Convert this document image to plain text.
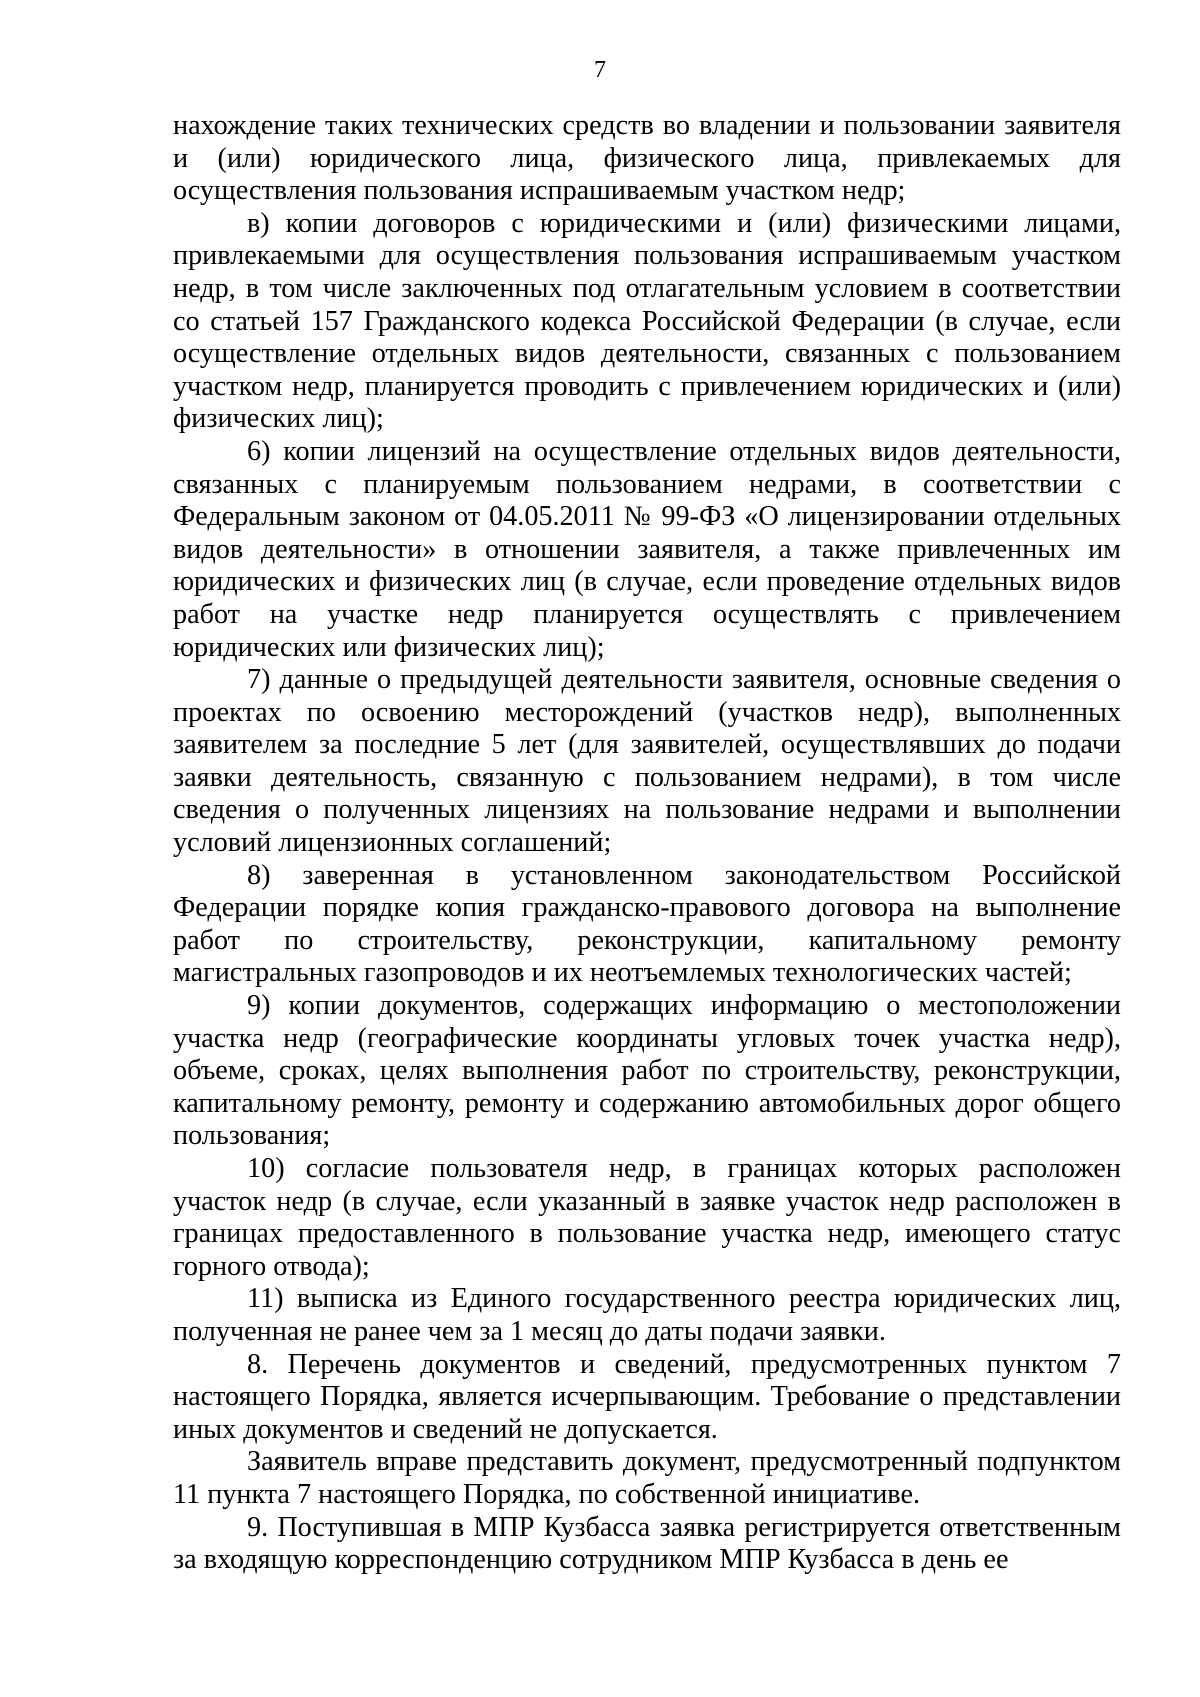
7

нахождение таких технических средств во владении и пользовании заявителя и (или) юридического лица, физического лица, привлекаемых для осуществления пользования испрашиваемым участком недр;

в) копии договоров с юридическими и (или) физическими лицами, привлекаемыми для осуществления пользования испрашиваемым участком недр, в том числе заключенных под отлагательным условием в соответствии со статьей 157 Гражданского кодекса Российской Федерации (в случае, если осуществление отдельных видов деятельности, связанных с пользованием участком недр, планируется проводить с привлечением юридических и (или) физических лиц);

6) копии лицензий на осуществление отдельных видов деятельности, связанных с планируемым пользованием недрами, в соответствии с Федеральным законом от 04.05.2011 № 99-ФЗ «О лицензировании отдельных видов деятельности» в отношении заявителя, а также привлеченных им юридических и физических лиц (в случае, если проведение отдельных видов работ на участке недр планируется осуществлять с привлечением юридических или физических лиц);

7) данные о предыдущей деятельности заявителя, основные сведения о проектах по освоению месторождений (участков недр), выполненных заявителем за последние 5 лет (для заявителей, осуществлявших до подачи заявки деятельность, связанную с пользованием недрами), в том числе сведения о полученных лицензиях на пользование недрами и выполнении условий лицензионных соглашений;

8) заверенная в установленном законодательством Российской Федерации порядке копия гражданско-правового договора на выполнение работ по строительству, реконструкции, капитальному ремонту магистральных газопроводов и их неотъемлемых технологических частей;

9) копии документов, содержащих информацию о местоположении участка недр (географические координаты угловых точек участка недр), объеме, сроках, целях выполнения работ по строительству, реконструкции, капитальному ремонту, ремонту и содержанию автомобильных дорог общего пользования;

10) согласие пользователя недр, в границах которых расположен участок недр (в случае, если указанный в заявке участок недр расположен в границах предоставленного в пользование участка недр, имеющего статус горного отвода);

11) выписка из Единого государственного реестра юридических лиц, полученная не ранее чем за 1 месяц до даты подачи заявки.

8. Перечень документов и сведений, предусмотренных пунктом 7 настоящего Порядка, является исчерпывающим. Требование о представлении иных документов и сведений не допускается.

Заявитель вправе представить документ, предусмотренный подпунктом 11 пункта 7 настоящего Порядка, по собственной инициативе.

9. Поступившая в МПР Кузбасса заявка регистрируется ответственным за входящую корреспонденцию сотрудником МПР Кузбасса в день ее
